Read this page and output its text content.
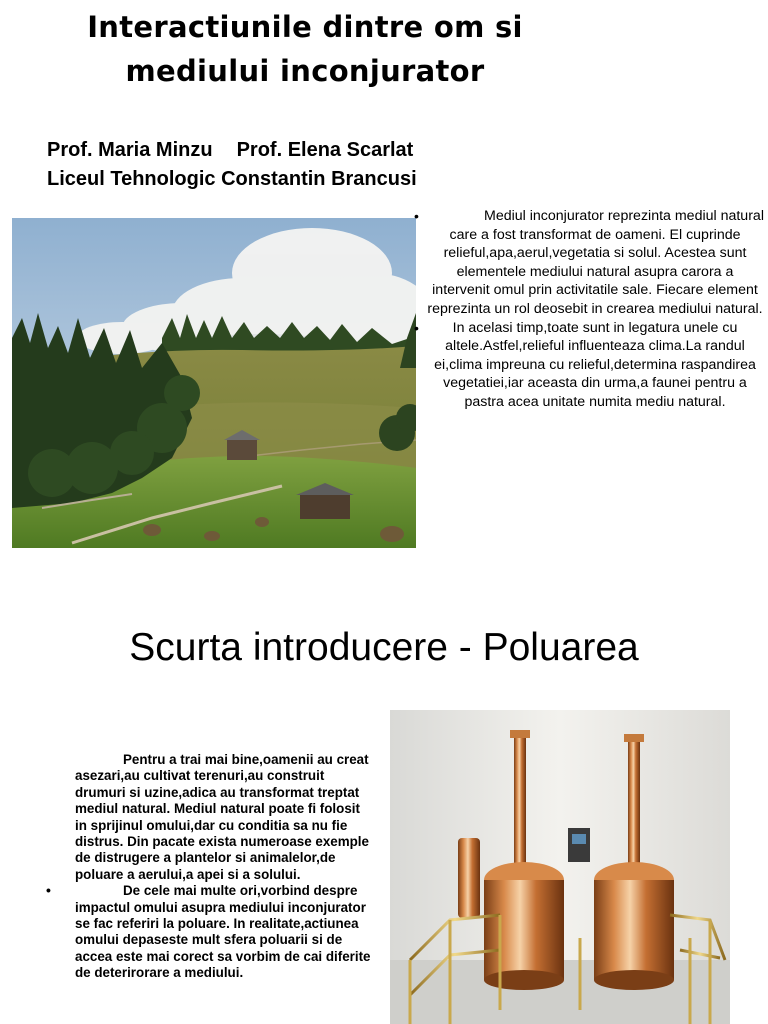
Interactiunile dintre om si
mediului inconjurator

Prof. Maria Minzu Prof. Elena Scarlat
Liceul Tehnologic Constantin Brancusi

• Mediul inconjurator reprezinta mediul natural care a fost transformat de oameni. El cuprinde relieful,apa,aerul,vegetatia si solul. Acestea sunt elementele mediului natural asupra carora a intervenit omul prin activitatile sale. Fiecare element reprezinta un rol deosebit in crearea mediului natural.
• In acelasi timp,toate sunt in legatura unele cu altele.Astfel,relieful influenteaza clima.La randul ei,clima impreuna cu relieful,determina raspandirea vegetatiei,iar aceasta din urma,a faunei pentru a pastra acea unitate numita mediu natural.
Scurta introducere - Poluarea
Pentru a trai mai bine,oamenii au creat asezari,au cultivat terenuri,au construit drumuri si uzine,adica au transformat treptat mediul natural. Mediul natural poate fi folosit in sprijinul omului,dar cu conditia sa nu fie distrus. Din pacate exista numeroase exemple de distrugere a plantelor si animalelor,de poluare a aerului,a apei si a solului.
• De cele mai multe ori,vorbind despre impactul omului asupra mediului inconjurator se fac referiri la poluare. In realitate,actiunea omului depaseste mult sfera poluarii si de accea este mai corect sa vorbim de cai diferite de deterirorare a mediului.
